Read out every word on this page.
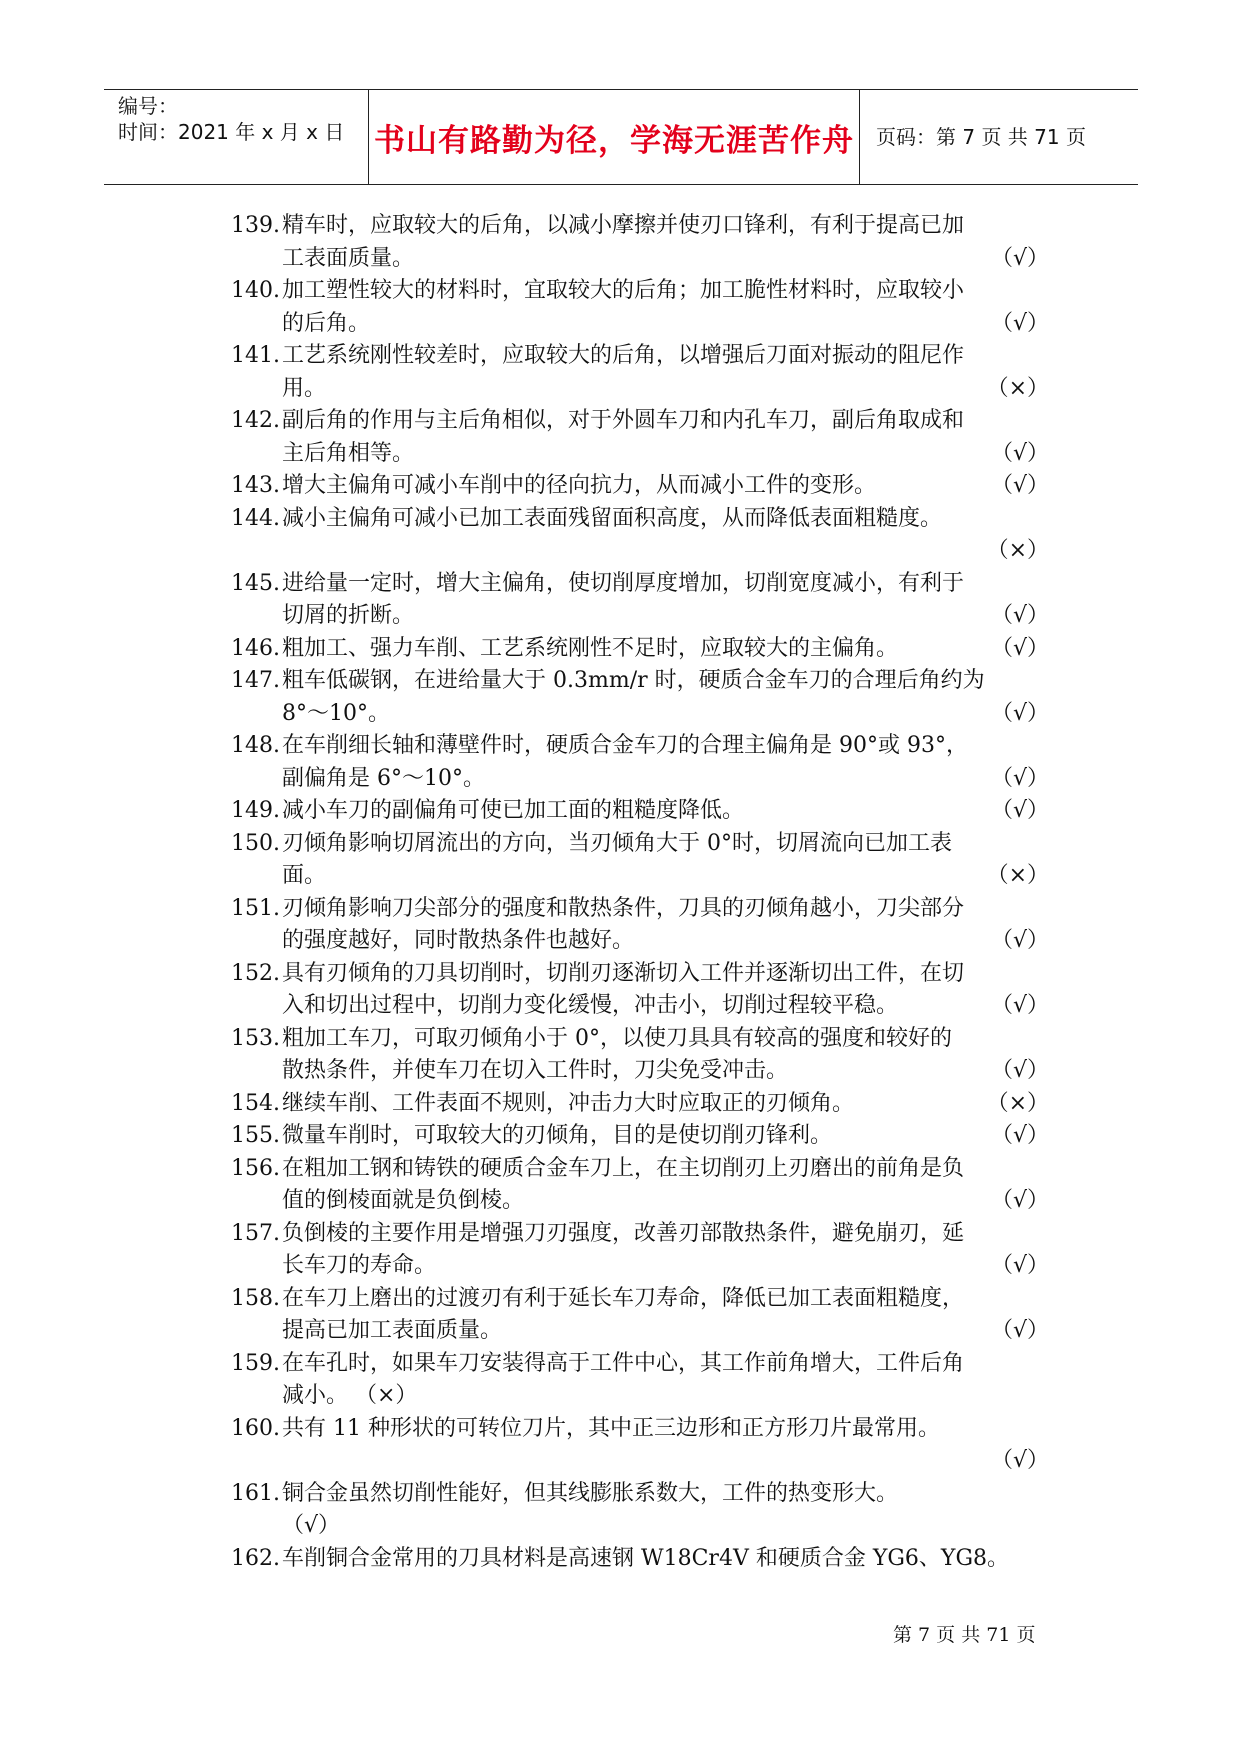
编号：
时间：2021 年 x 月 x 日 书山有路勤为径，学海无涯苦作舟 页码：第 7 页 共 71 页
139. 精车时，应取较大的后角，以减小摩擦并使刃口锋利，有利于提高已加
工表面质量。	（√）
140. 加工塑性较大的材料时，宜取较大的后角；加工脆性材料时，应取较小
的后角。	（√）
141. 工艺系统刚性较差时，应取较大的后角，以增强后刀面对振动的阻尼作
用。	（×）
142. 副后角的作用与主后角相似，对于外圆车刀和内孔车刀，副后角取成和
主后角相等。	（√）
143. 增大主偏角可减小车削中的径向抗力，从而减小工件的变形。	（√）
144. 减小主偏角可减小已加工表面残留面积高度，从而降低表面粗糙度。
（×）
145. 进给量一定时，增大主偏角，使切削厚度增加，切削宽度减小，有利于
切屑的折断。	（√）
146. 粗加工、强力车削、工艺系统刚性不足时，应取较大的主偏角。	（√）
147. 粗车低碳钢，在进给量大于 0.3mm/r 时，硬质合金车刀的合理后角约为
8°～10°。	（√）
148. 在车削细长轴和薄壁件时，硬质合金车刀的合理主偏角是 90°或 93°，
副偏角是 6°～10°。	（√）
149. 减小车刀的副偏角可使已加工面的粗糙度降低。	（√）
150. 刃倾角影响切屑流出的方向，当刃倾角大于 0°时，切屑流向已加工表
面。	（×）
151. 刃倾角影响刀尖部分的强度和散热条件，刀具的刃倾角越小，刀尖部分
的强度越好，同时散热条件也越好。	（√）
152. 具有刃倾角的刀具切削时，切削刃逐渐切入工件并逐渐切出工件，在切
入和切出过程中，切削力变化缓慢，冲击小，切削过程较平稳。	（√）
153. 粗加工车刀，可取刃倾角小于 0°，以使刀具具有较高的强度和较好的
散热条件，并使车刀在切入工件时，刀尖免受冲击。	（√）
154. 继续车削、工件表面不规则，冲击力大时应取正的刃倾角。	（×）
155. 微量车削时，可取较大的刃倾角，目的是使切削刃锋利。	（√）
156. 在粗加工钢和铸铁的硬质合金车刀上，在主切削刃上刃磨出的前角是负
值的倒棱面就是负倒棱。	（√）
157. 负倒棱的主要作用是增强刀刃强度，改善刃部散热条件，避免崩刃，延
长车刀的寿命。	（√）
158. 在车刀上磨出的过渡刃有利于延长车刀寿命，降低已加工表面粗糙度，
提高已加工表面质量。	（√）
159. 在车孔时，如果车刀安装得高于工件中心，其工作前角增大，工件后角
减小。 （×）
160. 共有 11 种形状的可转位刀片，其中正三边形和正方形刀片最常用。
（√）
161. 铜合金虽然切削性能好，但其线膨胀系数大，工件的热变形大。
（√）
162. 车削铜合金常用的刀具材料是高速钢 W18Cr4V 和硬质合金 YG6、YG8。
第 7 页 共 71 页
